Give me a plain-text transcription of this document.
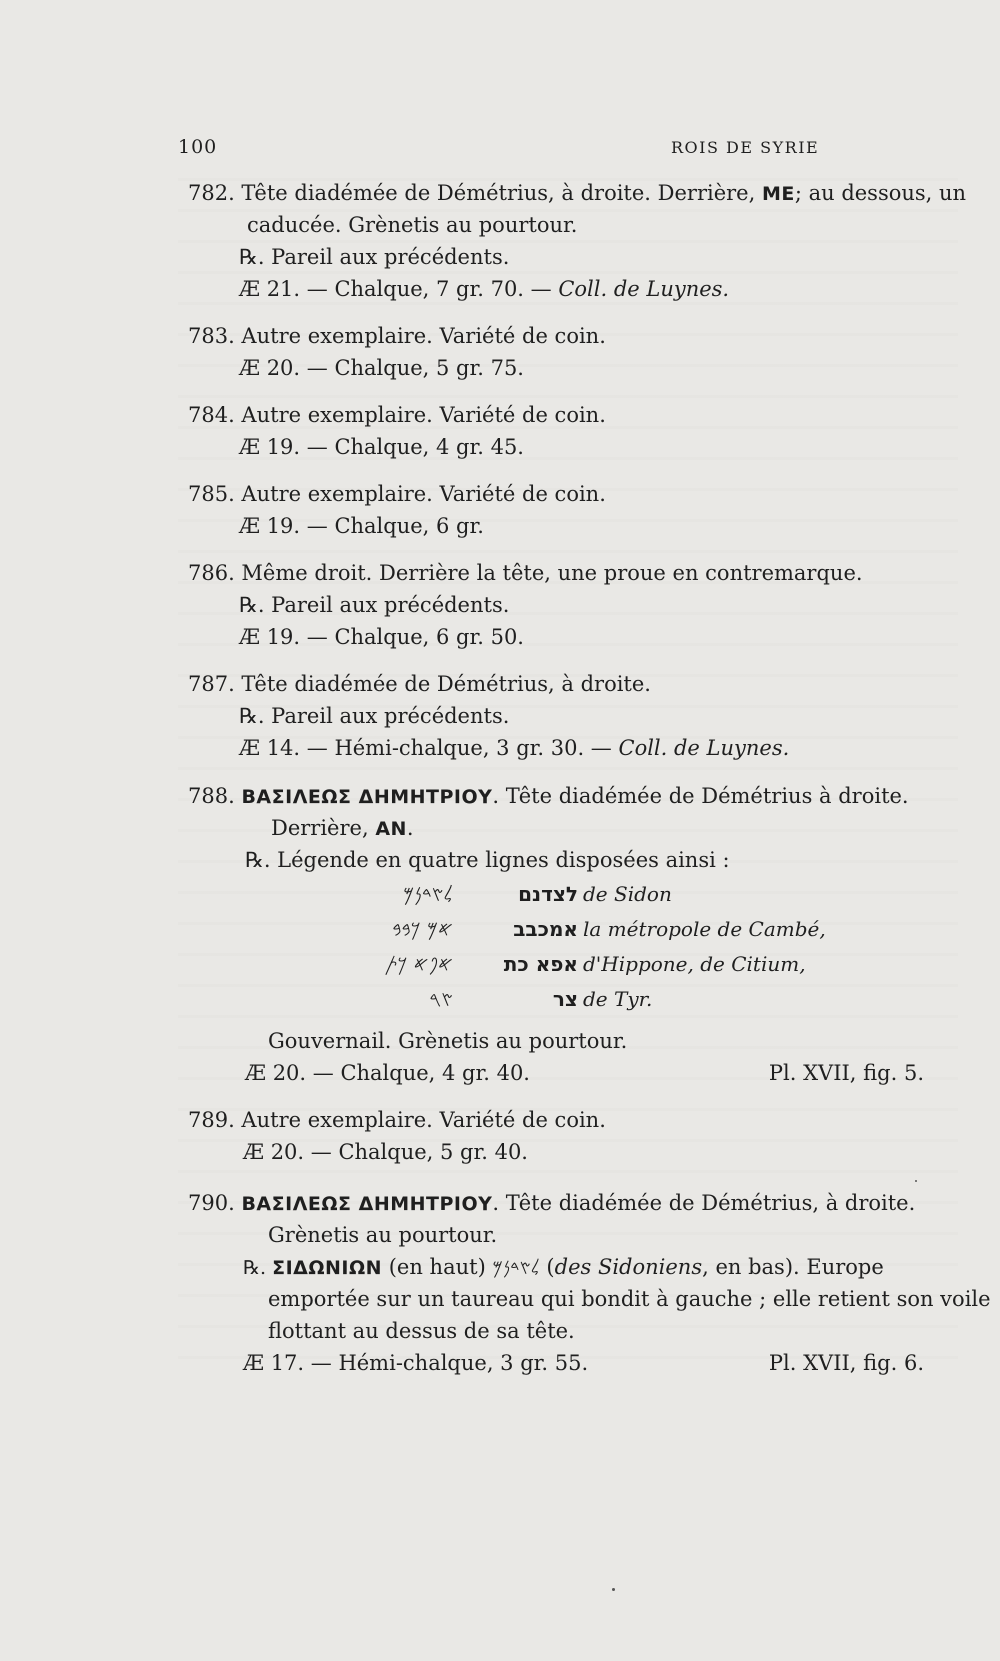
100	ROIS DE SYRIE
782. Tête diadémée de Démétrius, à droite. Derrière, ME; au dessous, un
caducée. Grènetis au pourtour.
℞. Pareil aux précédents.
Æ 21. — Chalque, 7 gr. 70. — Coll. de Luynes.
783. Autre exemplaire. Variété de coin.
Æ 20. — Chalque, 5 gr. 75.
784. Autre exemplaire. Variété de coin.
Æ 19. — Chalque, 4 gr. 45.
785. Autre exemplaire. Variété de coin.
Æ 19. — Chalque, 6 gr.
786. Même droit. Derrière la tête, une proue en contremarque.
℞. Pareil aux précédents.
Æ 19. — Chalque, 6 gr. 50.
787. Tête diadémée de Démétrius, à droite.
℞. Pareil aux précédents.
Æ 14. — Hémi-chalque, 3 gr. 30. — Coll. de Luynes.
788. ΒΑΣΙΛΕΩΣ ΔΗΜΗΤΡΙΟΥ. Tête diadémée de Démétrius à droite.
Derrière, AN.
℞. Légende en quatre lignes disposées ainsi :
𐤋𐤑𐤃𐤍𐤌	לצדנם de Sidon
𐤀𐤌 𐤊𐤁𐤁	אמכבב la métropole de Cambé,
𐤀𐤐𐤀 𐤊𐤕	אפא כת d'Hippone, de Citium,
𐤑𐤓	צר de Tyr.
Gouvernail. Grènetis au pourtour.
Æ 20. — Chalque, 4 gr. 40.	Pl. XVII, fig. 5.
789. Autre exemplaire. Variété de coin.
Æ 20. — Chalque, 5 gr. 40.
790. ΒΑΣΙΛΕΩΣ ΔΗΜΗΤΡΙΟΥ. Tête diadémée de Démétrius, à droite.
Grènetis au pourtour.
℞. ΣΙΔΩΝΙΩΝ (en haut) 𐤋𐤑𐤃𐤍𐤌 (des Sidoniens, en bas). Europe
emportée sur un taureau qui bondit à gauche ; elle retient son voile
flottant au dessus de sa tête.
Æ 17. — Hémi-chalque, 3 gr. 55.	Pl. XVII, fig. 6.
